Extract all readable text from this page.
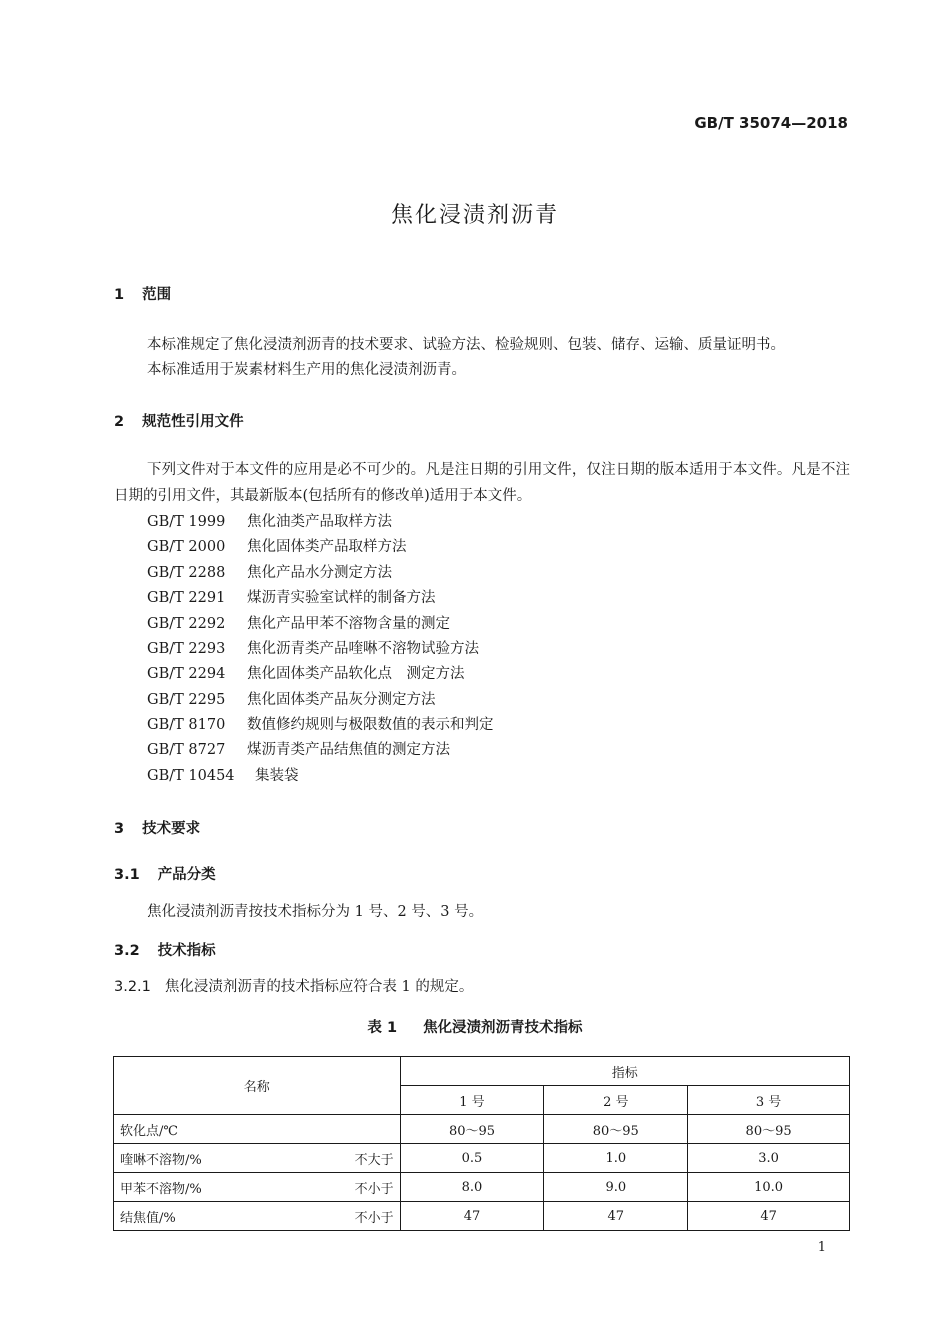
GB/T 35074—2018
焦化浸渍剂沥青
1 范围
本标准规定了焦化浸渍剂沥青的技术要求、试验方法、检验规则、包装、储存、运输、质量证明书。
本标准适用于炭素材料生产用的焦化浸渍剂沥青。
2 规范性引用文件
下列文件对于本文件的应用是必不可少的。凡是注日期的引用文件，仅注日期的版本适用于本文件。凡是不注日期的引用文件，其最新版本(包括所有的修改单)适用于本文件。
GB/T 1999 焦化油类产品取样方法
GB/T 2000 焦化固体类产品取样方法
GB/T 2288 焦化产品水分测定方法
GB/T 2291 煤沥青实验室试样的制备方法
GB/T 2292 焦化产品甲苯不溶物含量的测定
GB/T 2293 焦化沥青类产品喹啉不溶物试验方法
GB/T 2294 焦化固体类产品软化点　测定方法
GB/T 2295 焦化固体类产品灰分测定方法
GB/T 8170 数值修约规则与极限数值的表示和判定
GB/T 8727 煤沥青类产品结焦值的测定方法
GB/T 10454 集装袋
3 技术要求
3.1 产品分类
焦化浸渍剂沥青按技术指标分为 1 号、2 号、3 号。
3.2 技术指标
3.2.1 焦化浸渍剂沥青的技术指标应符合表 1 的规定。
表 1 焦化浸渍剂沥青技术指标
名称	指标		
	1 号	2 号	3 号

软化点/℃	80～95	80～95	80～95

喹啉不溶物/% 不大于	0.5	1.0	3.0

甲苯不溶物/% 不小于	8.0	9.0	10.0

结焦值/% 不小于	47	47	47
1
